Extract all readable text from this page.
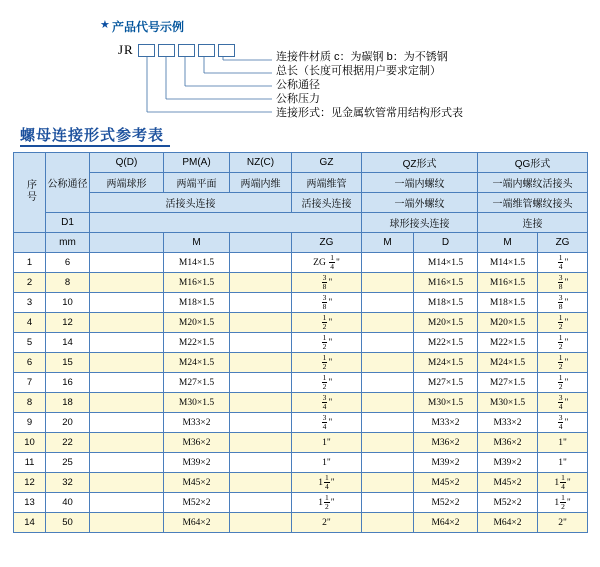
★ 产品代号示例
JR	连接件材质 c：为碳钢 b：为不锈钢
总长（长度可根据用户要求定制）
公称通径
公称压力
连接形式：见金属软管常用结构形式表
螺母连接形式参考表
序号	公称通径	Q(D)	PM(A)	NZ(C)	GZ	QZ形式		QG形式	
		两端球形	两端平面	两端内维	两端维管	一端内螺纹		一端内螺纹活接头	
		活接头连接			活接头连接	一端外螺纹		一端维管螺纹接头	
	D1					球形接头连接		连接	
	mm		M		ZG	M	D	M	ZG
1	6		M14×1.5		ZG $\frac{1}{4}$ "		M14×1.5	M14×1.5	$\frac{1}{4}$ "
2	8		M16×1.5		$\frac{3}{8}$ "		M16×1.5	M16×1.5	$\frac{3}{8}$ "
3	10		M18×1.5		$\frac{3}{8}$ "		M18×1.5	M18×1.5	$\frac{3}{8}$ "
4	12		M20×1.5		$\frac{1}{2}$ "		M20×1.5	M20×1.5	$\frac{1}{2}$ "
5	14		M22×1.5		$\frac{1}{2}$ "		M22×1.5	M22×1.5	$\frac{1}{2}$ "
6	15		M24×1.5		$\frac{1}{2}$ "		M24×1.5	M24×1.5	$\frac{1}{2}$ "
7	16		M27×1.5		$\frac{1}{2}$ "		M27×1.5	M27×1.5	$\frac{1}{2}$ "
8	18		M30×1.5		$\frac{3}{4}$ "		M30×1.5	M30×1.5	$\frac{3}{4}$ "
9	20		M33×2		$\frac{3}{4}$ "		M33×2	M33×2	$\frac{3}{4}$ "
10	22		M36×2		1"		M36×2	M36×2	1"
11	25		M39×2		1"		M39×2	M39×2	1"
12	32		M45×2		$1 \frac{1}{4}$ "		M45×2	M45×2	$1 \frac{1}{4}$ "
13	40		M52×2		$1 \frac{1}{2}$ "		M52×2	M52×2	$1 \frac{1}{2}$ "
14	50		M64×2		2"		M64×2	M64×2	2"
